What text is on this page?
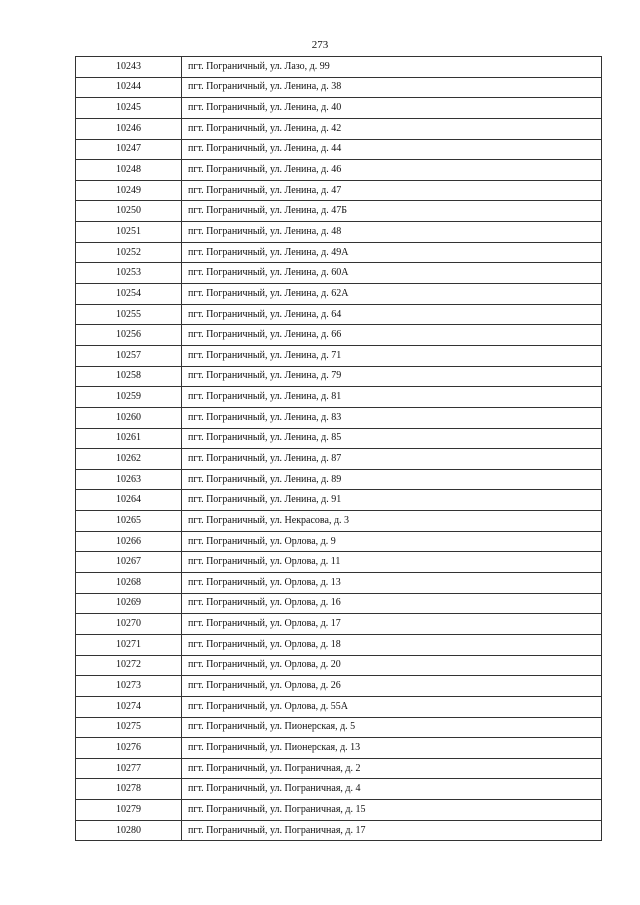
273
10243	пгт. Пограничный, ул. Лазо, д. 99
10244	пгт. Пограничный, ул. Ленина, д. 38
10245	пгт. Пограничный, ул. Ленина, д. 40
10246	пгт. Пограничный, ул. Ленина, д. 42
10247	пгт. Пограничный, ул. Ленина, д. 44
10248	пгт. Пограничный, ул. Ленина, д. 46
10249	пгт. Пограничный, ул. Ленина, д. 47
10250	пгт. Пограничный, ул. Ленина, д. 47Б
10251	пгт. Пограничный, ул. Ленина, д. 48
10252	пгт. Пограничный, ул. Ленина, д. 49А
10253	пгт. Пограничный, ул. Ленина, д. 60А
10254	пгт. Пограничный, ул. Ленина, д. 62А
10255	пгт. Пограничный, ул. Ленина, д. 64
10256	пгт. Пограничный, ул. Ленина, д. 66
10257	пгт. Пограничный, ул. Ленина, д. 71
10258	пгт. Пограничный, ул. Ленина, д. 79
10259	пгт. Пограничный, ул. Ленина, д. 81
10260	пгт. Пограничный, ул. Ленина, д. 83
10261	пгт. Пограничный, ул. Ленина, д. 85
10262	пгт. Пограничный, ул. Ленина, д. 87
10263	пгт. Пограничный, ул. Ленина, д. 89
10264	пгт. Пограничный, ул. Ленина, д. 91
10265	пгт. Пограничный, ул. Некрасова, д. 3
10266	пгт. Пограничный, ул. Орлова, д. 9
10267	пгт. Пограничный, ул. Орлова, д. 11
10268	пгт. Пограничный, ул. Орлова, д. 13
10269	пгт. Пограничный, ул. Орлова, д. 16
10270	пгт. Пограничный, ул. Орлова, д. 17
10271	пгт. Пограничный, ул. Орлова, д. 18
10272	пгт. Пограничный, ул. Орлова, д. 20
10273	пгт. Пограничный, ул. Орлова, д. 26
10274	пгт. Пограничный, ул. Орлова, д. 55А
10275	пгт. Пограничный, ул. Пионерская, д. 5
10276	пгт. Пограничный, ул. Пионерская, д. 13
10277	пгт. Пограничный, ул. Пограничная, д. 2
10278	пгт. Пограничный, ул. Пограничная, д. 4
10279	пгт. Пограничный, ул. Пограничная, д. 15
10280	пгт. Пограничный, ул. Пограничная, д. 17
